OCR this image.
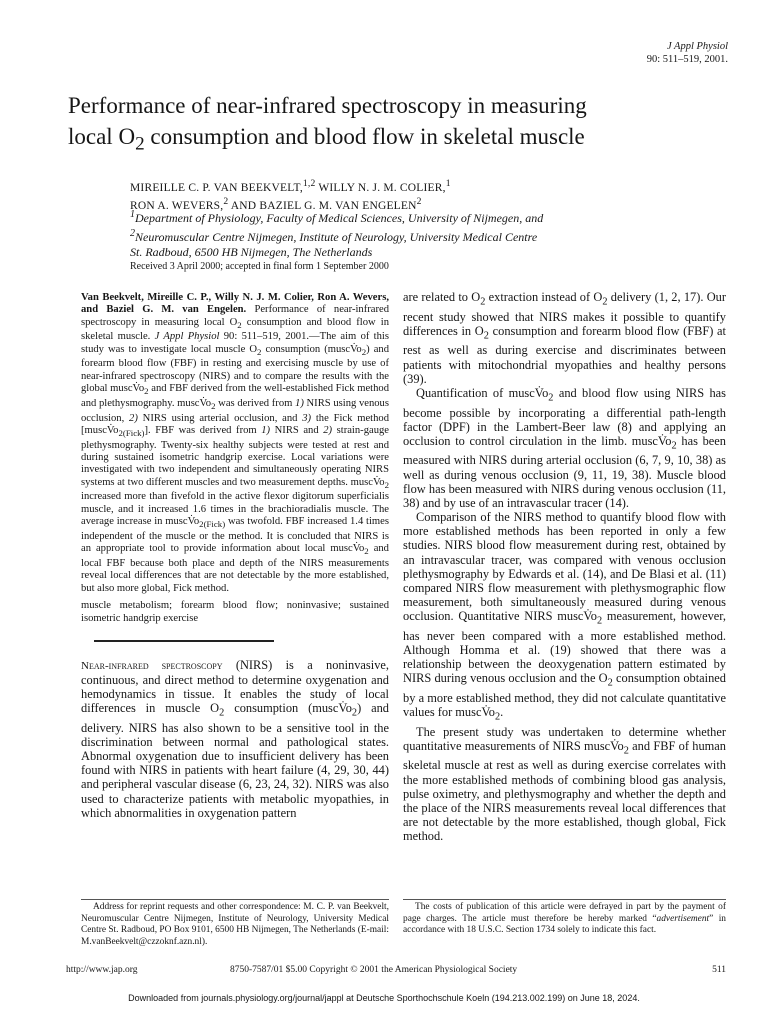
J Appl Physiol
90: 511–519, 2001.
Performance of near-infrared spectroscopy in measuring
local $O_2$ consumption and blood flow in skeletal muscle
MIREILLE C. P. VAN BEEKVELT,$^{1,2}$ WILLY N. J. M. COLIER,$^1$
RON A. WEVERS,$^2$ AND BAZIEL G. M. VAN ENGELEN$^2$
$^1$Department of Physiology, Faculty of Medical Sciences, University of Nijmegen, and
$^2$Neuromuscular Centre Nijmegen, Institute of Neurology, University Medical Centre
St. Radboud, 6500 HB Nijmegen, The Netherlands
Received 3 April 2000; accepted in final form 1 September 2000

Van Beekvelt, Mireille C. P., Willy N. J. M. Colier, Ron A. Wevers, and Baziel G. M. van Engelen. Performance of near-infrared spectroscopy in measuring local $O_2$ consumption and blood flow in skeletal muscle. J Appl Physiol 90: 511–519, 2001.—The aim of this study was to investigate local muscle $O_2$ consumption $(muscV̇o_2)$ and forearm blood flow (FBF) in resting and exercising muscle by use of near-infrared spectroscopy (NIRS) and to compare the results with the global $muscV̇o_2$ and FBF derived from the well-established Fick method and plethysmography. $muscV̇o_2$ was derived from 1) NIRS using venous occlusion, 2) NIRS using arterial occlusion, and 3) the Fick method $[muscV̇o_{2(Fick)}]$. FBF was derived from 1) NIRS and 2) strain-gauge plethysmography. Twenty-six healthy subjects were tested at rest and during sustained isometric handgrip exercise. Local variations were investigated with two independent and simultaneously operating NIRS systems at two different muscles and two measurement depths. $muscV̇o_2$ increased more than fivefold in the active flexor digitorum superficialis muscle, and it increased 1.6 times in the brachioradialis muscle. The average increase in $muscV̇o_{2(Fick)}$ was twofold. FBF increased 1.4 times independent of the muscle or the method. It is concluded that NIRS is an appropriate tool to provide information about local $muscV̇o_2$ and local FBF because both place and depth of the NIRS measurements reveal local differences that are not detectable by the more established, but also more global, Fick method.

muscle metabolism; forearm blood flow; noninvasive; sustained isometric handgrip exercise

Near-infrared spectroscopy (NIRS) is a noninvasive, continuous, and direct method to determine oxygenation and hemodynamics in tissue. It enables the study of local differences in muscle $O_2$ consumption $(muscV̇o_2)$ and delivery. NIRS has also shown to be a sensitive tool in the discrimination between normal and pathological states. Abnormal oxygenation due to insufficient delivery has been found with NIRS in patients with heart failure (4, 29, 30, 44) and peripheral vascular disease (6, 23, 24, 32). NIRS was also used to characterize patients with metabolic myopathies, in which abnormalities in oxygenation pattern

are related to $O_2$ extraction instead of $O_2$ delivery (1, 2, 17). Our recent study showed that NIRS makes it possible to quantify differences in $O_2$ consumption and forearm blood flow (FBF) at rest as well as during exercise and discriminates between patients with mitochondrial myopathies and healthy persons (39).

Quantification of $muscV̇o_2$ and blood flow using NIRS has become possible by incorporating a differential path-length factor (DPF) in the Lambert-Beer law (8) and applying an occlusion to control circulation in the limb. $muscV̇o_2$ has been measured with NIRS during arterial occlusion (6, 7, 9, 10, 38) as well as during venous occlusion (9, 11, 19, 38). Muscle blood flow has been measured with NIRS during venous occlusion (11, 38) and by use of an intravascular tracer (14).

Comparison of the NIRS method to quantify blood flow with more established methods has been reported in only a few studies. NIRS blood flow measurement during rest, obtained by an intravascular tracer, was compared with venous occlusion plethysmography by Edwards et al. (14), and De Blasi et al. (11) compared NIRS flow measurement with plethysmographic flow measurement, both simultaneously measured during venous occlusion. Quantitative NIRS $muscV̇o_2$ measurement, however, has never been compared with a more established method. Although Homma et al. (19) showed that there was a relationship between the deoxygenation pattern estimated by NIRS during venous occlusion and the $O_2$ consumption obtained by a more established method, they did not calculate quantitative values for $muscV̇o_2$.

The present study was undertaken to determine whether quantitative measurements of NIRS $muscV̇o_2$ and FBF of human skeletal muscle at rest as well as during exercise correlates with the more established methods of combining blood gas analysis, pulse oximetry, and plethysmography and whether the depth and the place of the NIRS measurements reveal local differences that are not detectable by the more established, though global, Fick method.

Address for reprint requests and other correspondence: M. C. P. van Beekvelt, Neuromuscular Centre Nijmegen, Institute of Neurology, University Medical Centre St. Radboud, PO Box 9101, 6500 HB Nijmegen, The Netherlands (E-mail: M.vanBeekvelt@czzoknf.azn.nl).

The costs of publication of this article were defrayed in part by the payment of page charges. The article must therefore be hereby marked “advertisement” in accordance with 18 U.S.C. Section 1734 solely to indicate this fact.

http://www.jap.org	8750-7587/01 $5.00 Copyright © 2001 the American Physiological Society	511
Downloaded from journals.physiology.org/journal/jappl at Deutsche Sporthochschule Koeln (194.213.002.199) on June 18, 2024.
